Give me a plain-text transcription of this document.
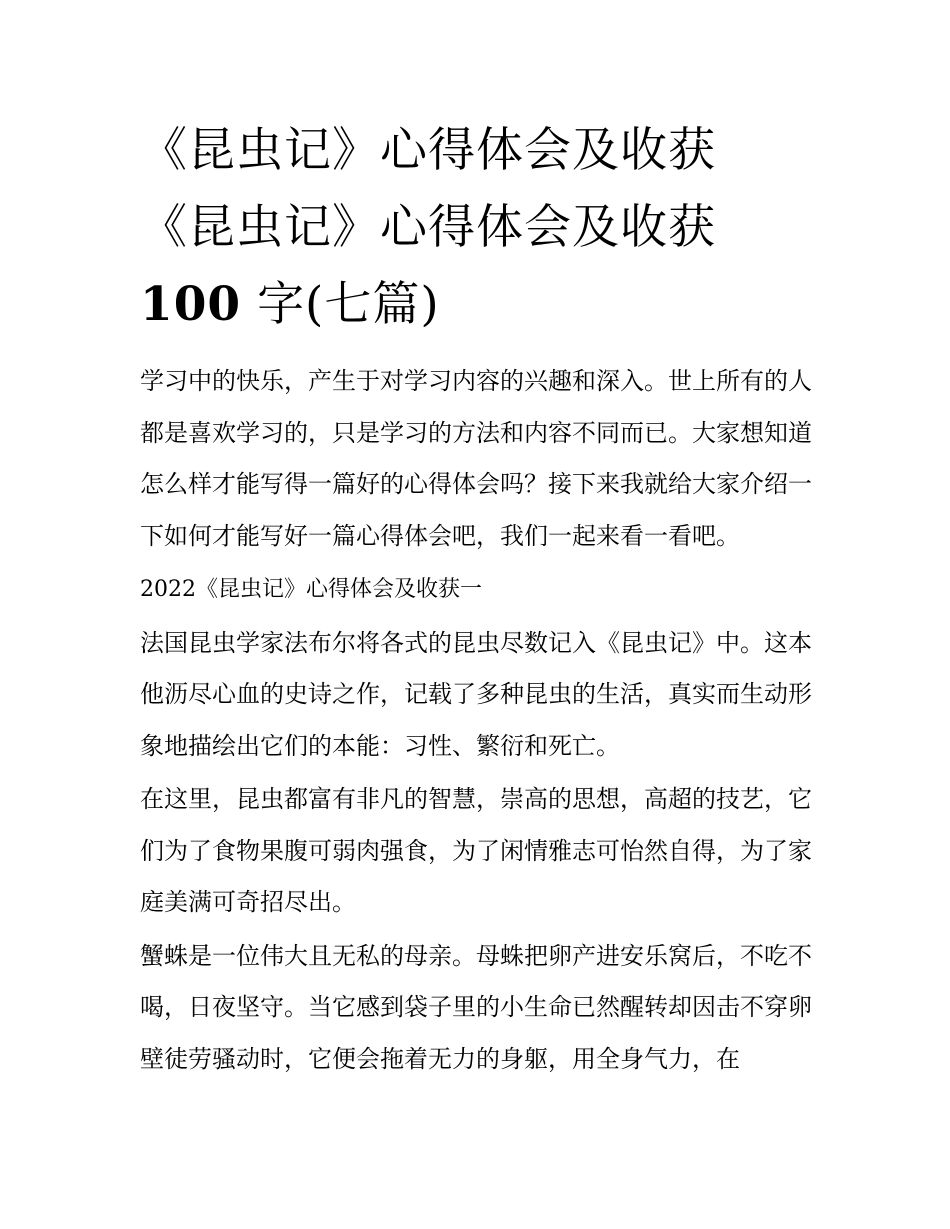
《昆虫记》心得体会及收获
《昆虫记》心得体会及收获
100 字(七篇)

学习中的快乐，产生于对学习内容的兴趣和深入。世上所有的人都是喜欢学习的，只是学习的方法和内容不同而已。大家想知道怎么样才能写得一篇好的心得体会吗？接下来我就给大家介绍一下如何才能写好一篇心得体会吧，我们一起来看一看吧。

2022《昆虫记》心得体会及收获一

法国昆虫学家法布尔将各式的昆虫尽数记入《昆虫记》中。这本他沥尽心血的史诗之作，记载了多种昆虫的生活，真实而生动形象地描绘出它们的本能：习性、繁衍和死亡。

在这里，昆虫都富有非凡的智慧，崇高的思想，高超的技艺，它们为了食物果腹可弱肉强食，为了闲情雅志可怡然自得，为了家庭美满可奇招尽出。

蟹蛛是一位伟大且无私的母亲。母蛛把卵产进安乐窝后，不吃不喝，日夜坚守。当它感到袋子里的小生命已然醒转却因击不穿卵壁徒劳骚动时，它便会拖着无力的身躯，用全身气力，在
